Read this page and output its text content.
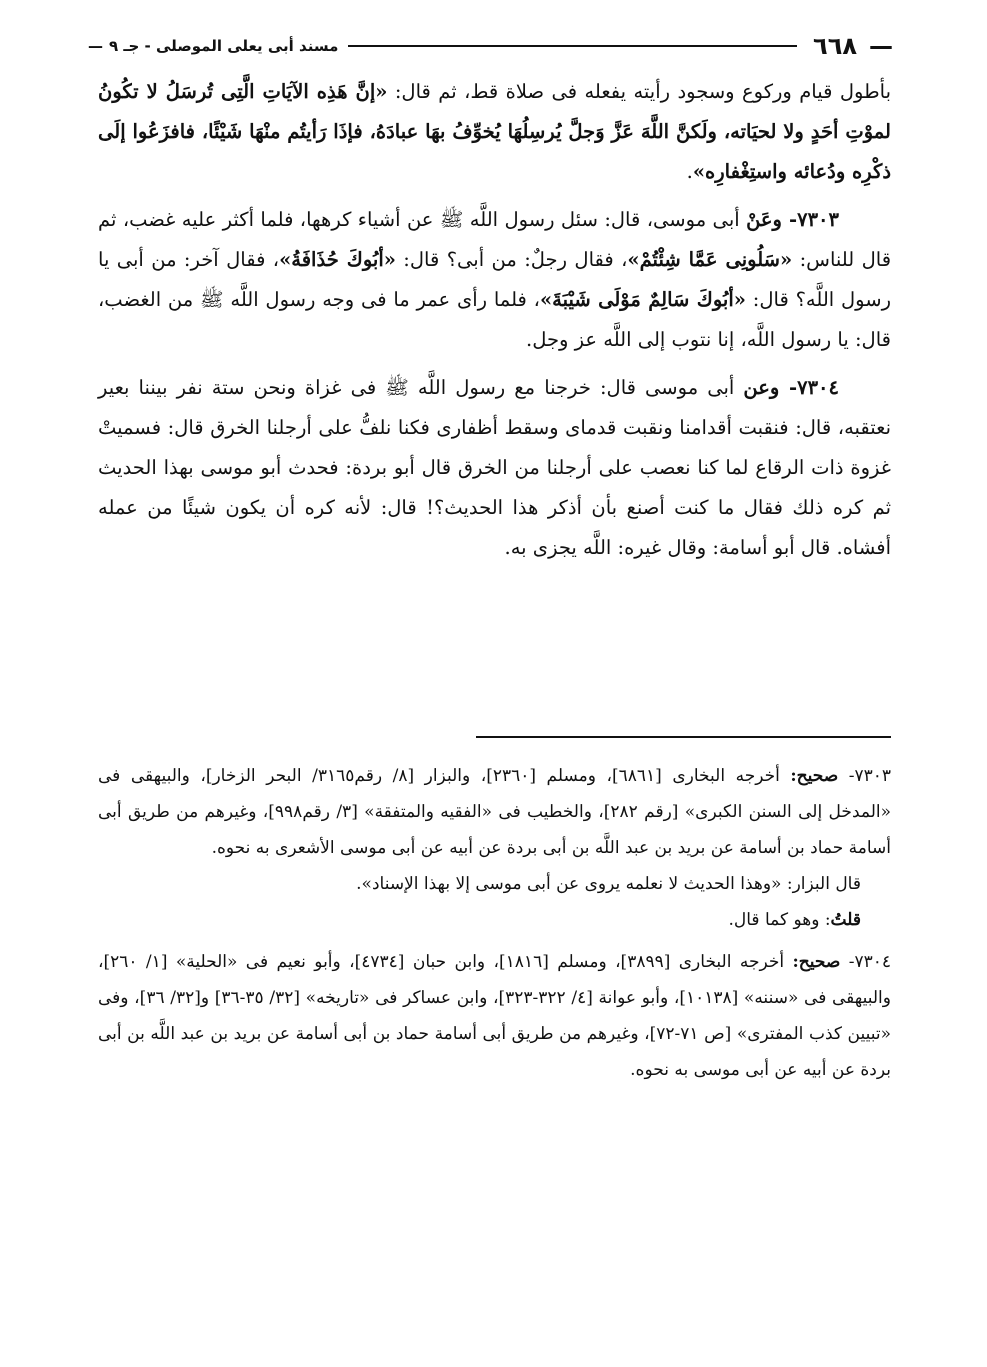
—
٦٦٨
مسند أبى يعلى الموصلى - جـ ٩
—

بأطول قيام وركوع وسجود رأيته يفعله فى صلاة قط، ثم قال: «إنَّ هَذِه الآيَاتِ الَّتِى تُرسَلُ لا تكُونُ لموْتِ أحَدٍ ولا لحيَاته، ولَكنَّ اللَّهَ عَزَّ وَجلَّ يُرسِلُهَا يُخوِّفُ بهَا عبادَهُ، فإذَا رَأيتُم منْهَا شَيْئًا، فافزَعُوا إلَى ذكْرِه ودُعائه واستِغْفارِه».

٧٣٠٣- وعَنْ أبى موسى، قال: سئل رسول اللَّه ﷺ عن أشياء كرهها، فلما أكثر عليه غضب، ثم قال للناس: «سَلُونِى عَمَّا شِئْتُمْ»، فقال رجلٌ: من أبى؟ قال: «أبُوكَ حُذَافَةُ»، فقال آخر: من أبى يا رسول اللَّه؟ قال: «أبُوكَ سَالِمٌ مَوْلَى شَيْبَةَ»، فلما رأى عمر ما فى وجه رسول اللَّه ﷺ من الغضب، قال: يا رسول اللَّه، إنا نتوب إلى اللَّه عز وجل.

٧٣٠٤- وعن أبى موسى قال: خرجنا مع رسول اللَّه ﷺ فى غزاة ونحن ستة نفر بيننا بعير نعتقبه، قال: فنقبت أقدامنا ونقبت قدماى وسقط أظفارى فكنا نلفُّ على أرجلنا الخرق قال: فسميتْ غزوة ذات الرقاع لما كنا نعصب على أرجلنا من الخرق قال أبو بردة: فحدث أبو موسى بهذا الحديث ثم كره ذلك فقال ما كنت أصنع بأن أذكر هذا الحديث؟! قال: لأنه كره أن يكون شيئًا من عمله أفشاه. قال أبو أسامة: وقال غيره: اللَّه يجزى به.

٧٣٠٣- صحيح: أخرجه البخارى [٦٨٦١]، ومسلم [٢٣٦٠]، والبزار [٨/ رقم٣١٦٥/ البحر الزخار]، والبيهقى فى «المدخل إلى السنن الكبرى» [رقم ٢٨٢]، والخطيب فى «الفقيه والمتفقة» [٣/ رقم٩٩٨]، وغيرهم من طريق أبى أسامة حماد بن أسامة عن بريد بن عبد اللَّه بن أبى بردة عن أبيه عن أبى موسى الأشعرى به نحوه.

قال البزار: «وهذا الحديث لا نعلمه يروى عن أبى موسى إلا بهذا الإسناد».

قلتُ: وهو كما قال.

٧٣٠٤- صحيح: أخرجه البخارى [٣٨٩٩]، ومسلم [١٨١٦]، وابن حبان [٤٧٣٤]، وأبو نعيم فى «الحلية» [١/ ٢٦٠]، والبيهقى فى «سننه» [١٠١٣٨]، وأبو عوانة [٤/ ٣٢٢-٣٢٣]، وابن عساكر فى «تاريخه» [٣٢/ ٣٥-٣٦] و[٣٢/ ٣٦]، وفى «تبيين كذب المفترى» [ص ٧١-٧٢]، وغيرهم من طريق أبى أسامة حماد بن أبى أسامة عن بريد بن عبد اللَّه بن أبى بردة عن أبيه عن أبى موسى به نحوه.
